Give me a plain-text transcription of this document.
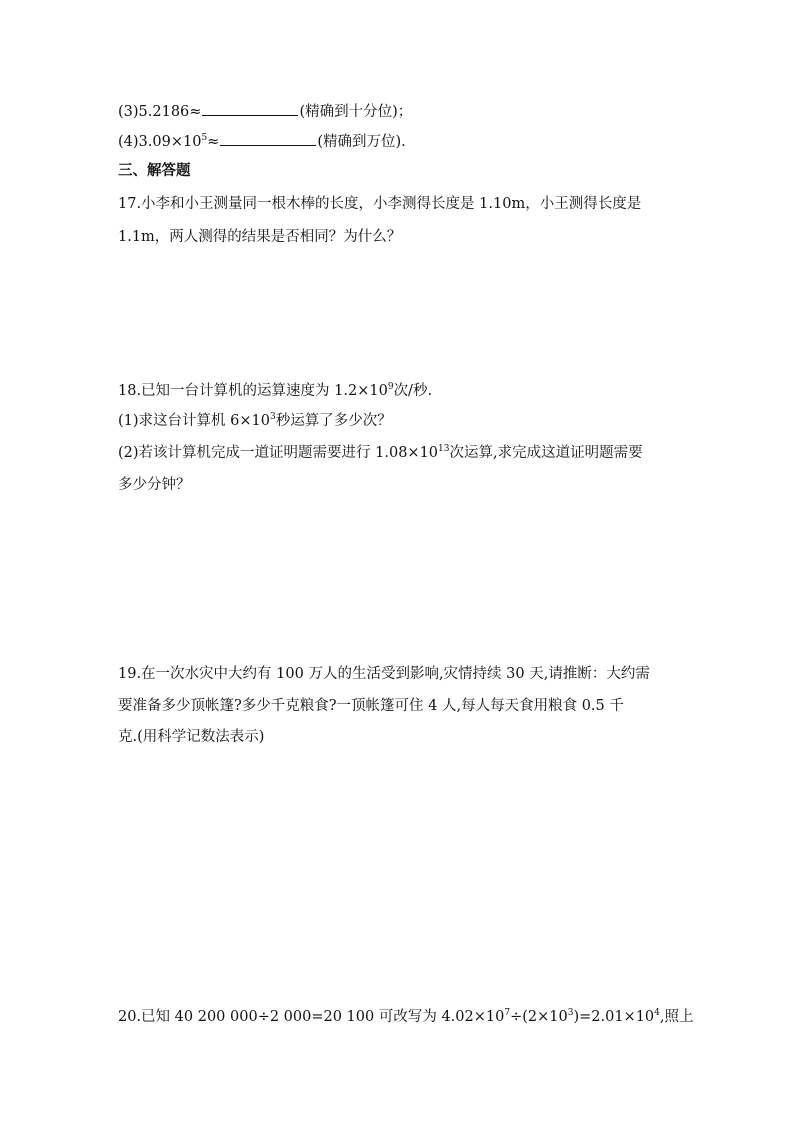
(3)5.2186≈	(精确到十分位)；
$(4)3.09\times 10^5\approx$	(精确到万位).
三、解答题
17.小李和小王测量同一根木棒的长度，小李测得长度是 1.10m，小王测得长度是
1.1m，两人测得的结果是否相同？为什么？
18.已知一台计算机的运算速度为 $1.2\times 10^9$次/秒.
(1)求这台计算机 $6\times 10^3$秒运算了多少次？
(2)若该计算机完成一道证明题需要进行 $1.08\times 10^{13}$次运算,求完成这道证明题需要
多少分钟？
19.在一次水灾中大约有 100 万人的生活受到影响,灾情持续 30 天,请推断：大约需
要准备多少顶帐篷?多少千克粮食?一顶帐篷可住 4 人,每人每天食用粮食 0.5 千
克.(用科学记数法表示)
20.已知 40 200 000÷2 000=20 100 可改写为 $4.02\times 10^7\div(2\times 10^3)=2.01\times 10^4$,照上
